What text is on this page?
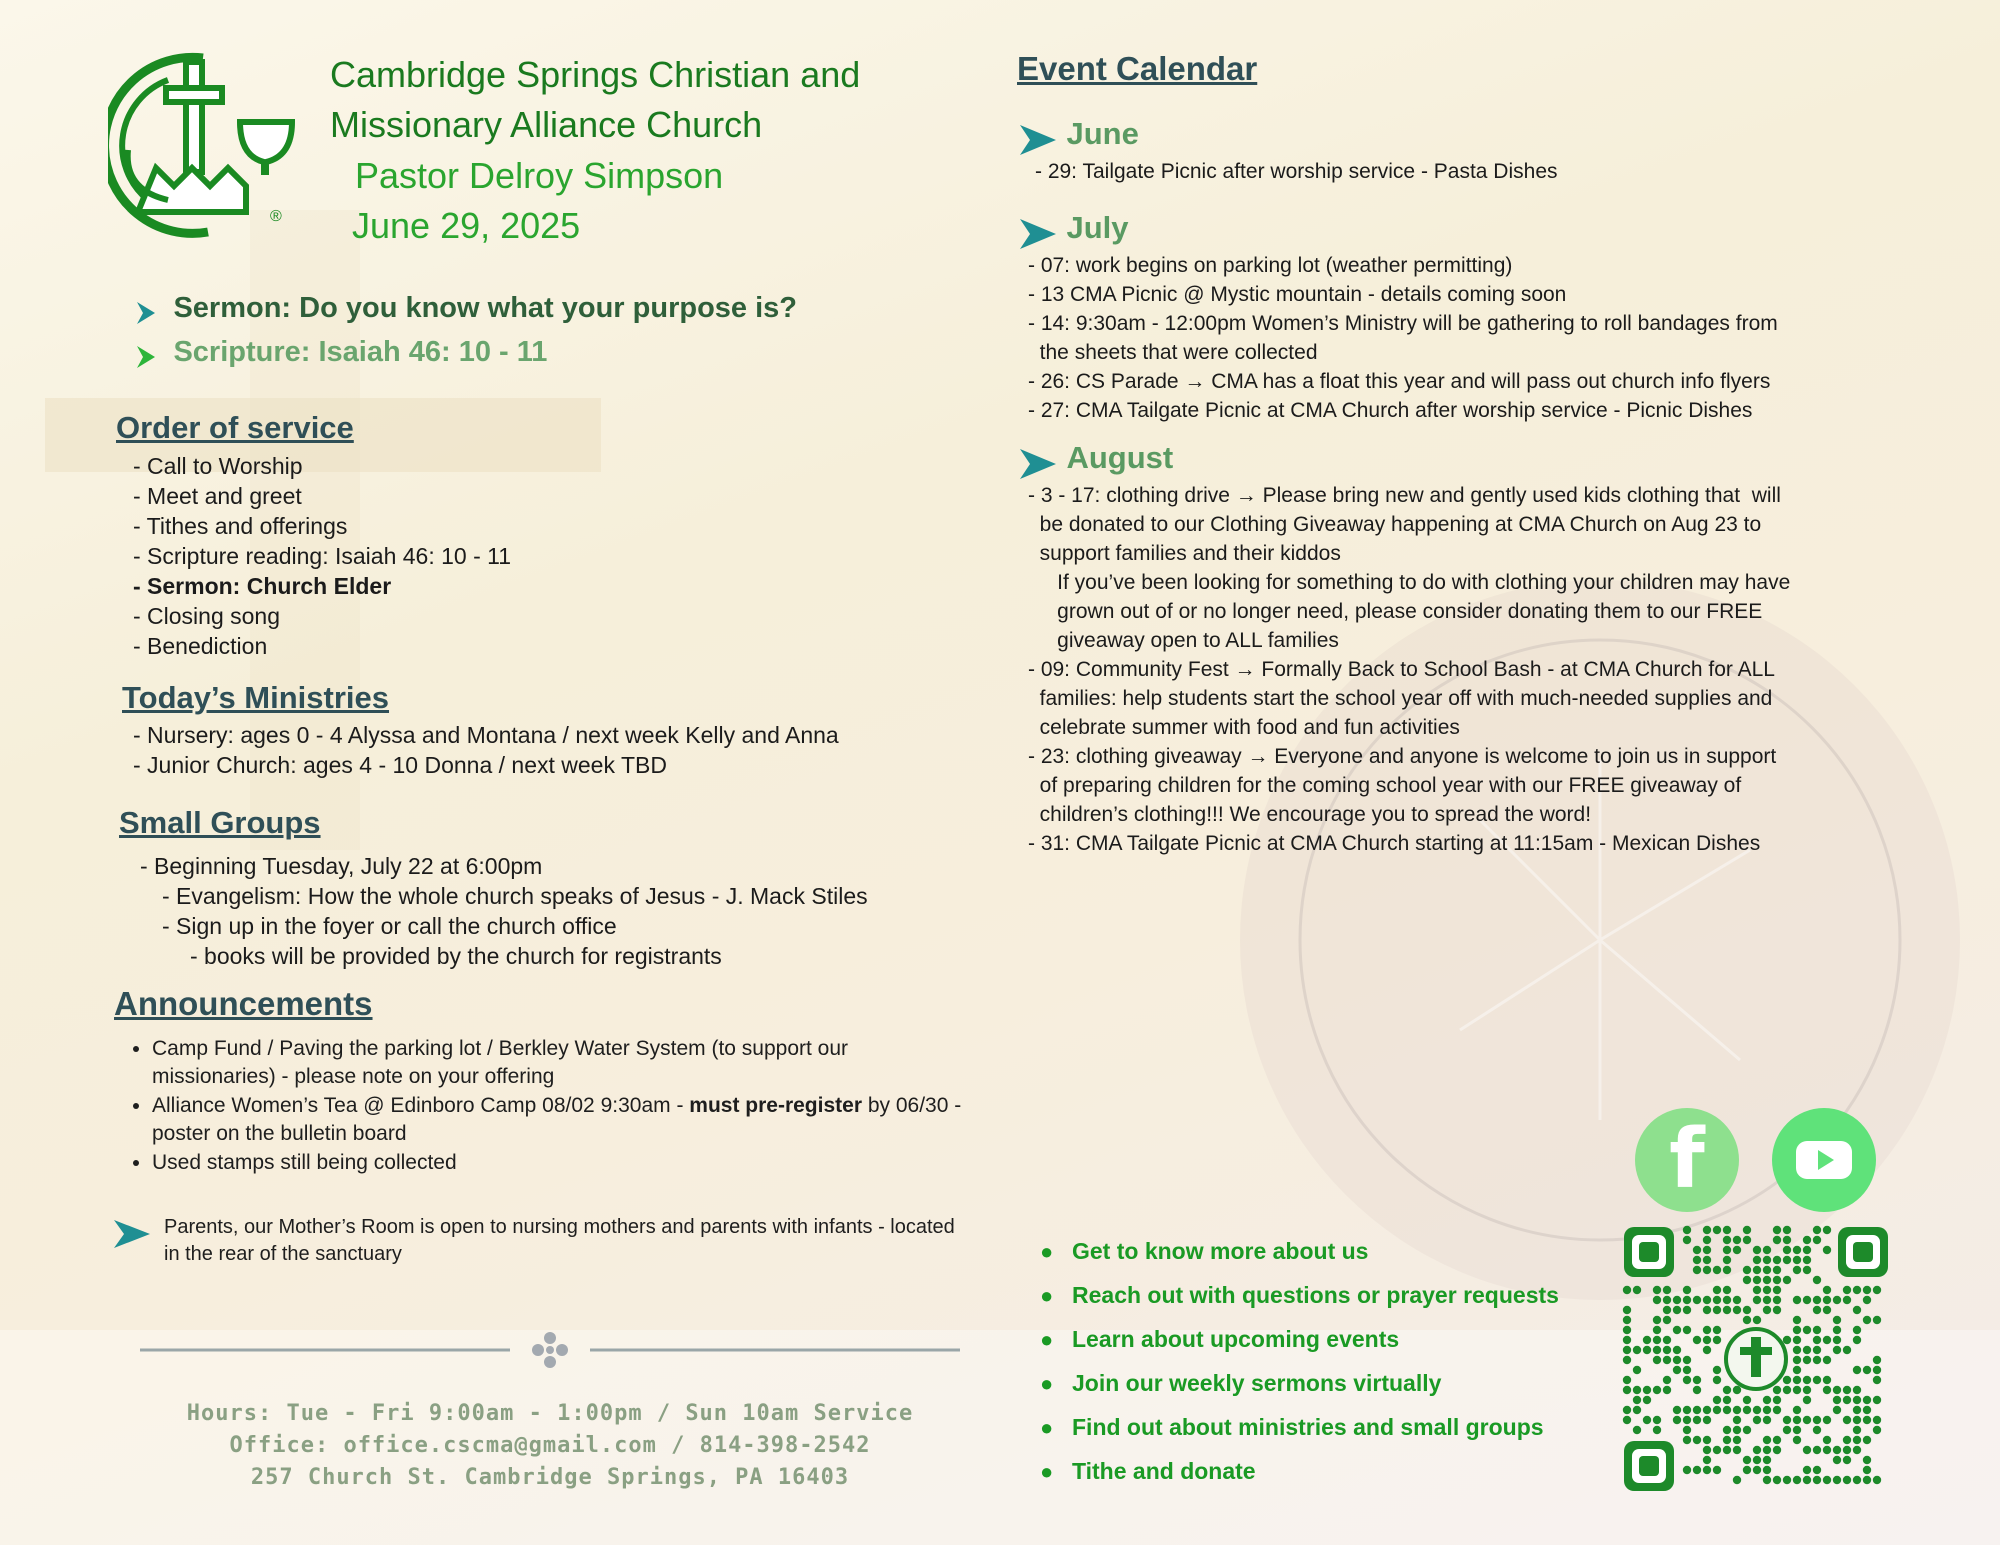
®
Cambridge Springs Christian and
Missionary Alliance Church
Pastor Delroy Simpson
June 29, 2025
Sermon: Do you know what your purpose is?
Scripture: Isaiah 46: 10 - 11
Order of service
- Call to Worship
- Meet and greet
- Tithes and offerings
- Scripture reading: Isaiah 46: 10 - 11
- Sermon: Church Elder
- Closing song
- Benediction
Today’s Ministries
- Nursery: ages 0 - 4 Alyssa and Montana / next week Kelly and Anna
- Junior Church: ages 4 - 10 Donna / next week TBD
Small Groups
- Beginning Tuesday, July 22 at 6:00pm
- Evangelism: How the whole church speaks of Jesus - J. Mack Stiles
- Sign up in the foyer or call the church office
- books will be provided by the church for registrants
Announcements
• Camp Fund / Paving the parking lot / Berkley Water System (to support our missionaries) - please note on your offering
• Alliance Women’s Tea @ Edinboro Camp 08/02 9:30am - must pre-register by 06/30 - poster on the bulletin board
• Used stamps still being collected
Parents, our Mother’s Room is open to nursing mothers and parents with infants - located in the rear of the sanctuary
Hours: Tue - Fri 9:00am - 1:00pm / Sun 10am Service
Office: office.cscma@gmail.com / 814-398-2542
257 Church St. Cambridge Springs, PA 16403
Event Calendar
June
- 29: Tailgate Picnic after worship service - Pasta Dishes
July
- 07: work begins on parking lot (weather permitting)
- 13 CMA Picnic @ Mystic mountain - details coming soon
- 14: 9:30am - 12:00pm Women’s Ministry will be gathering to roll bandages from
the sheets that were collected
- 26: CS Parade → CMA has a float this year and will pass out church info flyers
- 27: CMA Tailgate Picnic at CMA Church after worship service - Picnic Dishes
August
- 3 - 17: clothing drive → Please bring new and gently used kids clothing that  will
be donated to our Clothing Giveaway happening at CMA Church on Aug 23 to
support families and their kiddos
If you’ve been looking for something to do with clothing your children may have
grown out of or no longer need, please consider donating them to our FREE
giveaway open to ALL families
- 09: Community Fest → Formally Back to School Bash - at CMA Church for ALL
families: help students start the school year off with much-needed supplies and
celebrate summer with food and fun activities
- 23: clothing giveaway → Everyone and anyone is welcome to join us in support
of preparing children for the coming school year with our FREE giveaway of
children’s clothing!!! We encourage you to spread the word!
- 31: CMA Tailgate Picnic at CMA Church starting at 11:15am - Mexican Dishes
f
● Get to know more about us
● Reach out with questions or prayer requests
● Learn about upcoming events
● Join our weekly sermons virtually
● Find out about ministries and small groups
● Tithe and donate
